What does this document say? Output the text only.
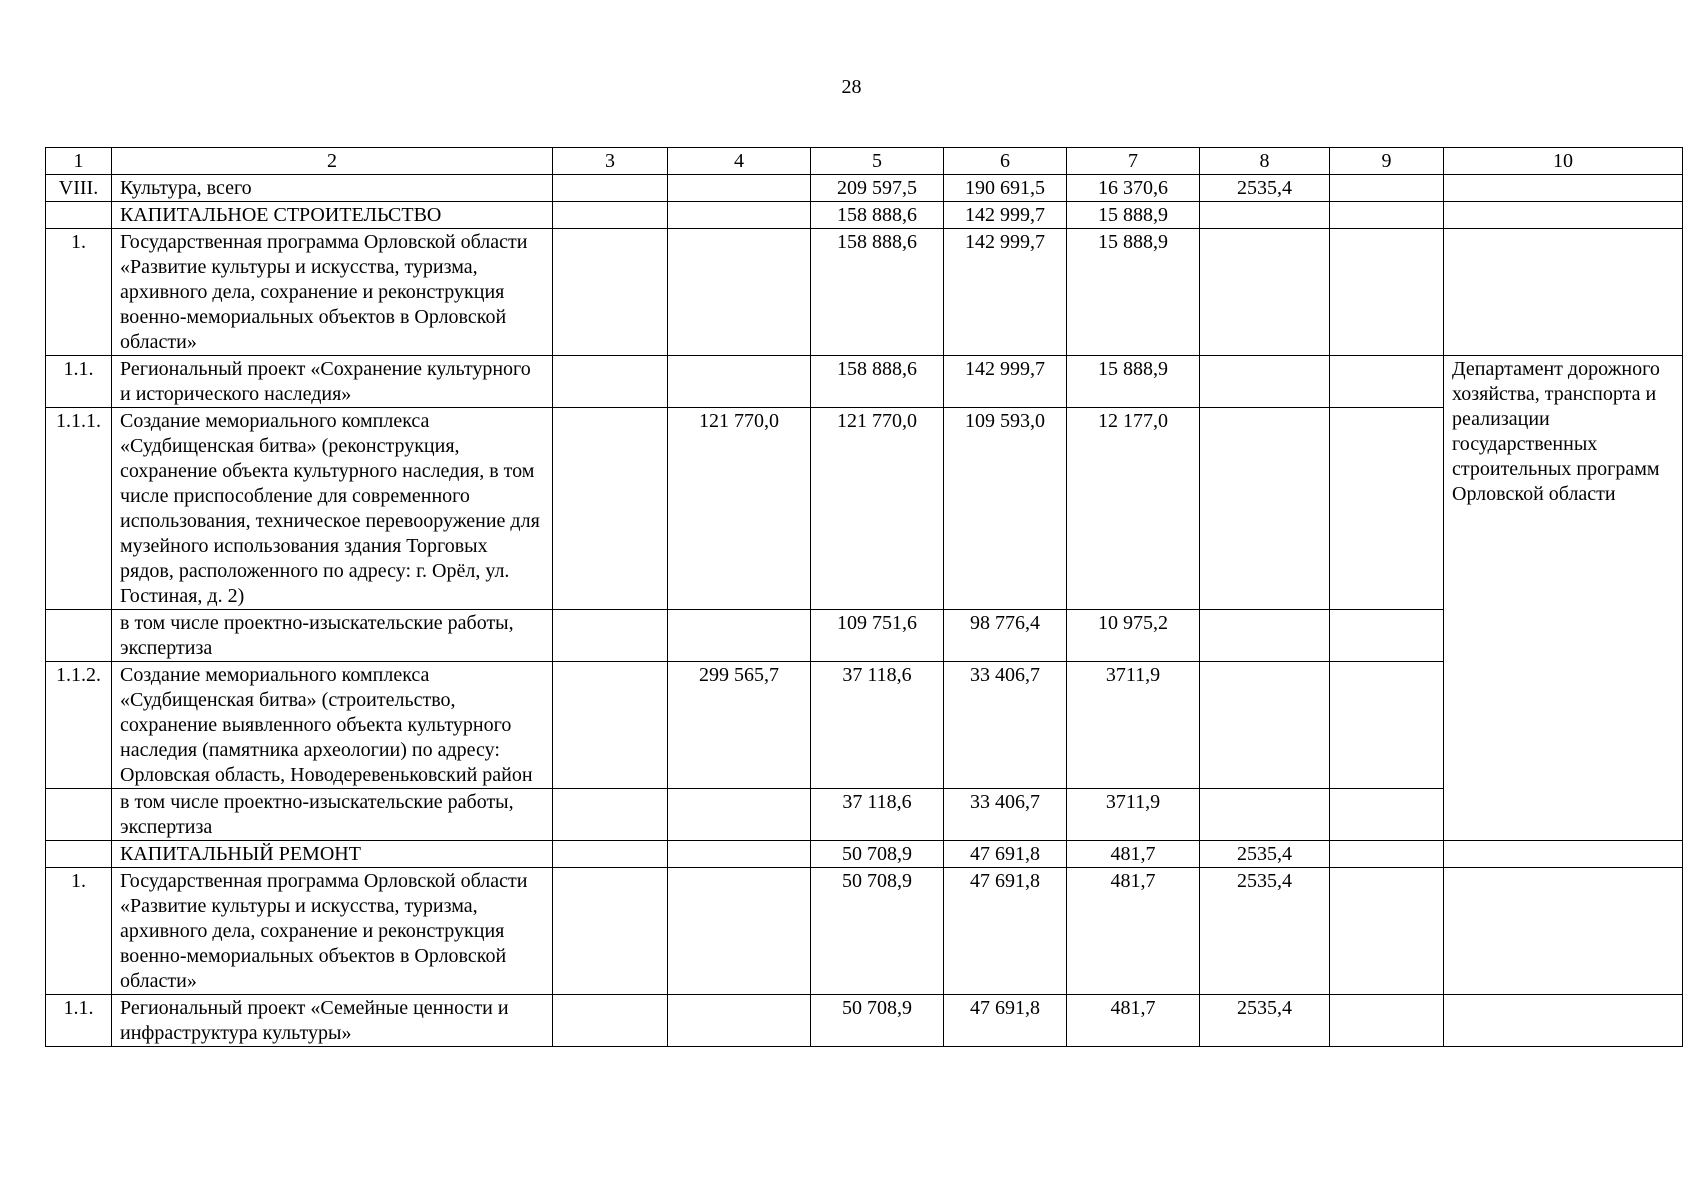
28
1	2	3	4	5	6	7	8	9	10
VIII.	Культура, всего			209 597,5	190 691,5	16 370,6	2535,4		
	КАПИТАЛЬНОЕ СТРОИТЕЛЬСТВО			158 888,6	142 999,7	15 888,9			
1.	Государственная программа Орловской области «Развитие культуры и искусства, туризма, архивного дела, сохранение и реконструкция военно-мемориальных объектов в Орловской области»			158 888,6	142 999,7	15 888,9			
1.1.	Региональный проект «Сохранение культурного и исторического наследия»			158 888,6	142 999,7	15 888,9			Департамент дорожного хозяйства, транспорта и реализации государственных строительных программ Орловской области
1.1.1.	Создание мемориального комплекса «Судбищенская битва» (реконструкция, сохранение объекта культурного наследия, в том числе приспособление для современного использования, техническое перевооружение для музейного использования здания Торговых рядов, расположенного по адресу: г. Орёл, ул. Гостиная, д. 2)		121 770,0	121 770,0	109 593,0	12 177,0			
	в том числе проектно-изыскательские работы, экспертиза			109 751,6	98 776,4	10 975,2			
1.1.2.	Создание мемориального комплекса «Судбищенская битва» (строительство, сохранение выявленного объекта культурного наследия (памятника археологии) по адресу: Орловская область, Новодеревеньковский район		299 565,7	37 118,6	33 406,7	3711,9			
	в том числе проектно-изыскательские работы, экспертиза			37 118,6	33 406,7	3711,9			
	КАПИТАЛЬНЫЙ РЕМОНТ			50 708,9	47 691,8	481,7	2535,4		
1.	Государственная программа Орловской области «Развитие культуры и искусства, туризма, архивного дела, сохранение и реконструкция военно-мемориальных объектов в Орловской области»			50 708,9	47 691,8	481,7	2535,4		
1.1.	Региональный проект «Семейные ценности и инфраструктура культуры»			50 708,9	47 691,8	481,7	2535,4		
